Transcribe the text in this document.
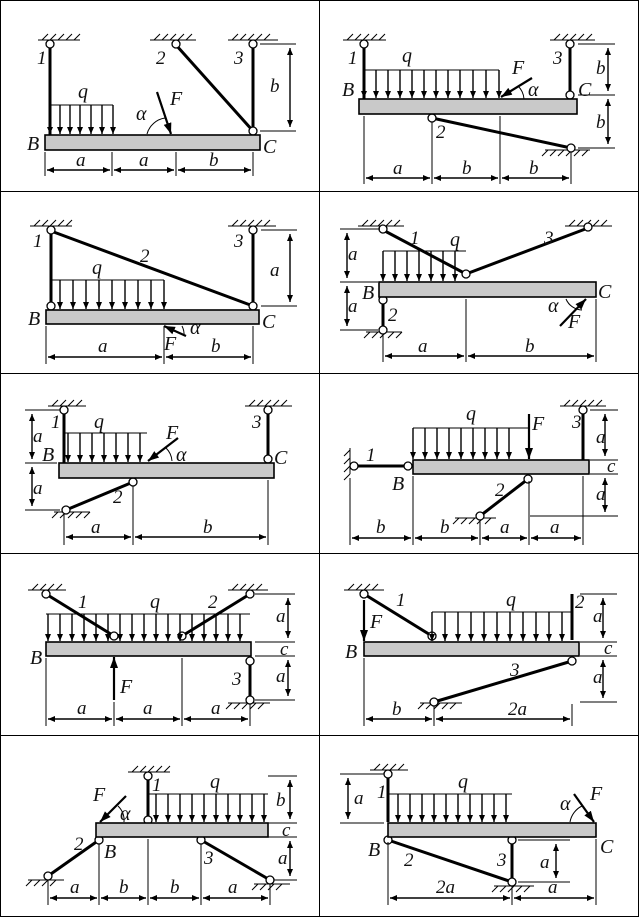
1	2	3
q	F
α
B	C
b
a	a	b
1	3
2
q
F
α
B	C
b
b
a	b	b
1
2
3
q
F
α
B	C
a
a	b
1	3
2
q
F
α
B	C
a
a
a	b
1	3
2
q	F
α
B	C
a
a
a	b
1
3
2
q	F
B
c
a
a
b	b	a a
1	2
3
q
F
B
a
c
a
a	a	a
1	2
3
q
F
B
a
c
a
b	2a
1
2
3
q
F
α
B
b
c
a
a b b	a
1
2	3
q
F
α
B	C
a
a
2a	a
